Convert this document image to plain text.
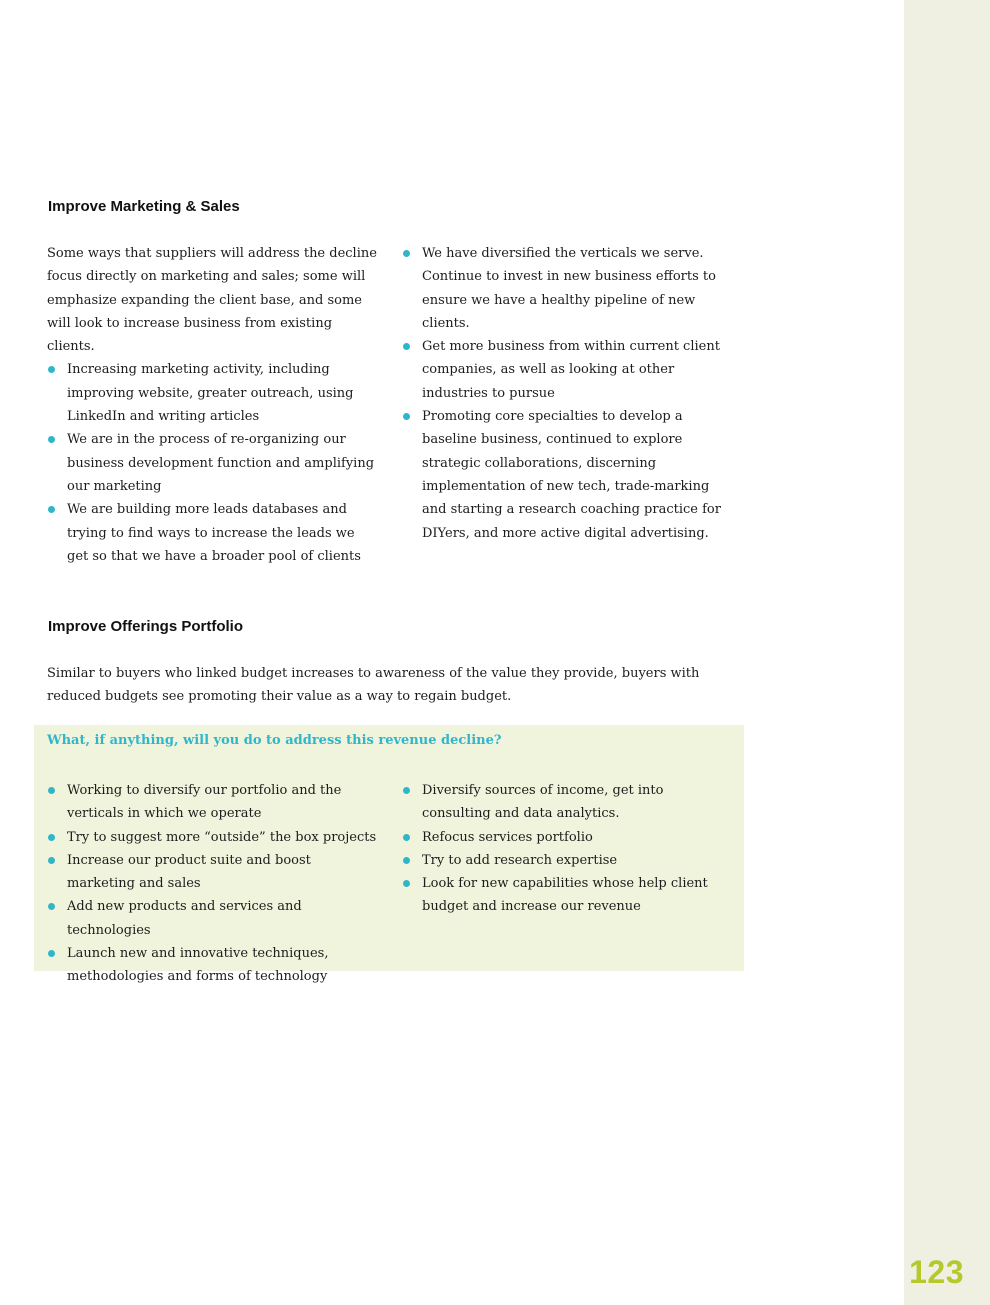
123
Improve Marketing & Sales

Some ways that suppliers will address the decline focus directly on marketing and sales; some will emphasize expanding the client base, and some will look to increase business from existing clients.

Increasing marketing activity, including improving website, greater outreach, using LinkedIn and writing articles
We are in the process of re-organizing our business development function and amplifying our marketing
We are building more leads databases and trying to find ways to increase the leads we get so that we have a broader pool of clients
We have diversified the verticals we serve. Continue to invest in new business efforts to ensure we have a healthy pipeline of new clients.
Get more business from within current client companies, as well as looking at other industries to pursue
Promoting core specialties to develop a baseline business, continued to explore strategic collaborations, discerning implementation of new tech, trade-marking and starting a research coaching practice for DIYers, and more active digital advertising.
Improve Offerings Portfolio

Similar to buyers who linked budget increases to awareness of the value they provide, buyers with reduced budgets see promoting their value as a way to regain budget.

What, if anything, will you do to address this revenue decline?
Working to diversify our portfolio and the verticals in which we operate
Try to suggest more “outside” the box projects
Increase our product suite and boost marketing and sales
Add new products and services and technologies
Launch new and innovative techniques, methodologies and forms of technology
Diversify sources of income, get into consulting and data analytics.
Refocus services portfolio
Try to add research expertise
Look for new capabilities whose help client budget and increase our revenue
